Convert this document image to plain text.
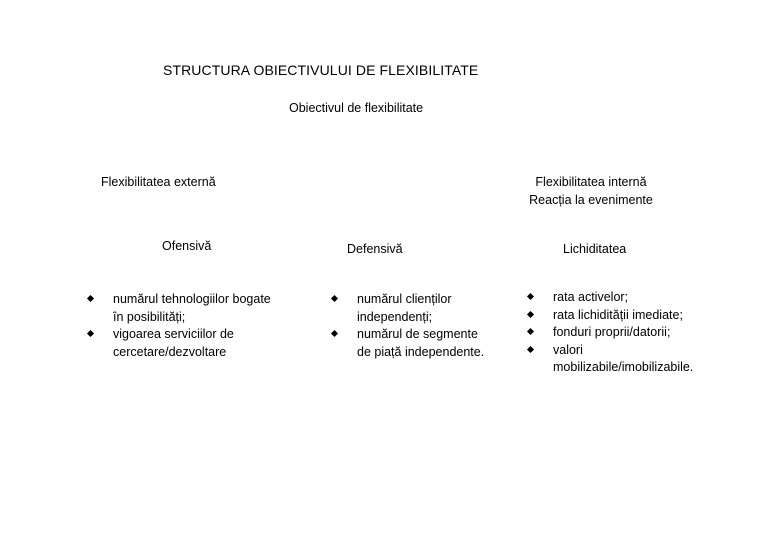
STRUCTURA OBIECTIVULUI DE FLEXIBILITATE
Obiectivul de flexibilitate
Flexibilitatea externă	Flexibilitatea internă
Reacția la evenimente
Ofensivă	Defensivă	Lichiditatea
numărul tehnologiilor bogate în posibilități;
vigoarea serviciilor de cercetare/dezvoltare
numărul clienților independenți;
numărul de segmente de piață independente.
rata activelor;
rata lichidității imediate;
fonduri proprii/datorii;
valori mobilizabile/imobilizabile.
